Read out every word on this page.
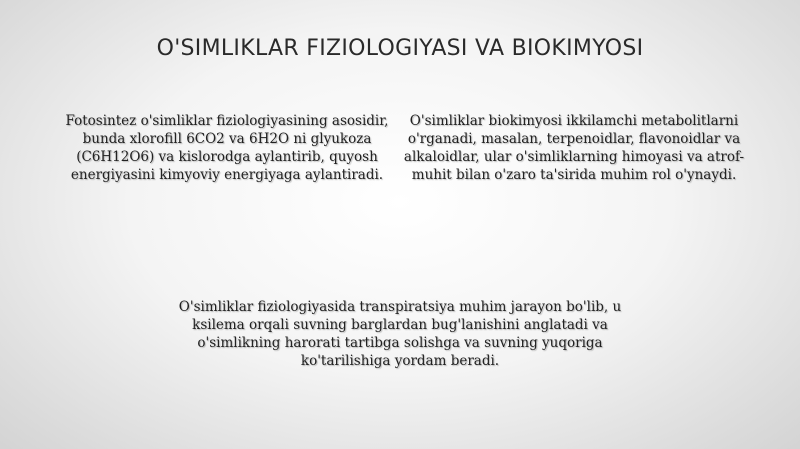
O'SIMLIKLAR FIZIOLOGIYASI VA BIOKIMYOSI

Fotosintez o'simliklar fiziologiyasining asosidir, bunda xlorofill 6CO2 va 6H2O ni glyukoza (C6H12O6) va kislorodga aylantirib, quyosh energiyasini kimyoviy energiyaga aylantiradi.

O'simliklar biokimyosi ikkilamchi metabolitlarni o'rganadi, masalan, terpenoidlar, flavonoidlar va alkaloidlar, ular o'simliklarning himoyasi va atrof-muhit bilan o'zaro ta'sirida muhim rol o'ynaydi.

O'simliklar fiziologiyasida transpiratsiya muhim jarayon bo'lib, u ksilema orqali suvning barglardan bug'lanishini anglatadi va o'simlikning harorati tartibga solishga va suvning yuqoriga ko'tarilishiga yordam beradi.
